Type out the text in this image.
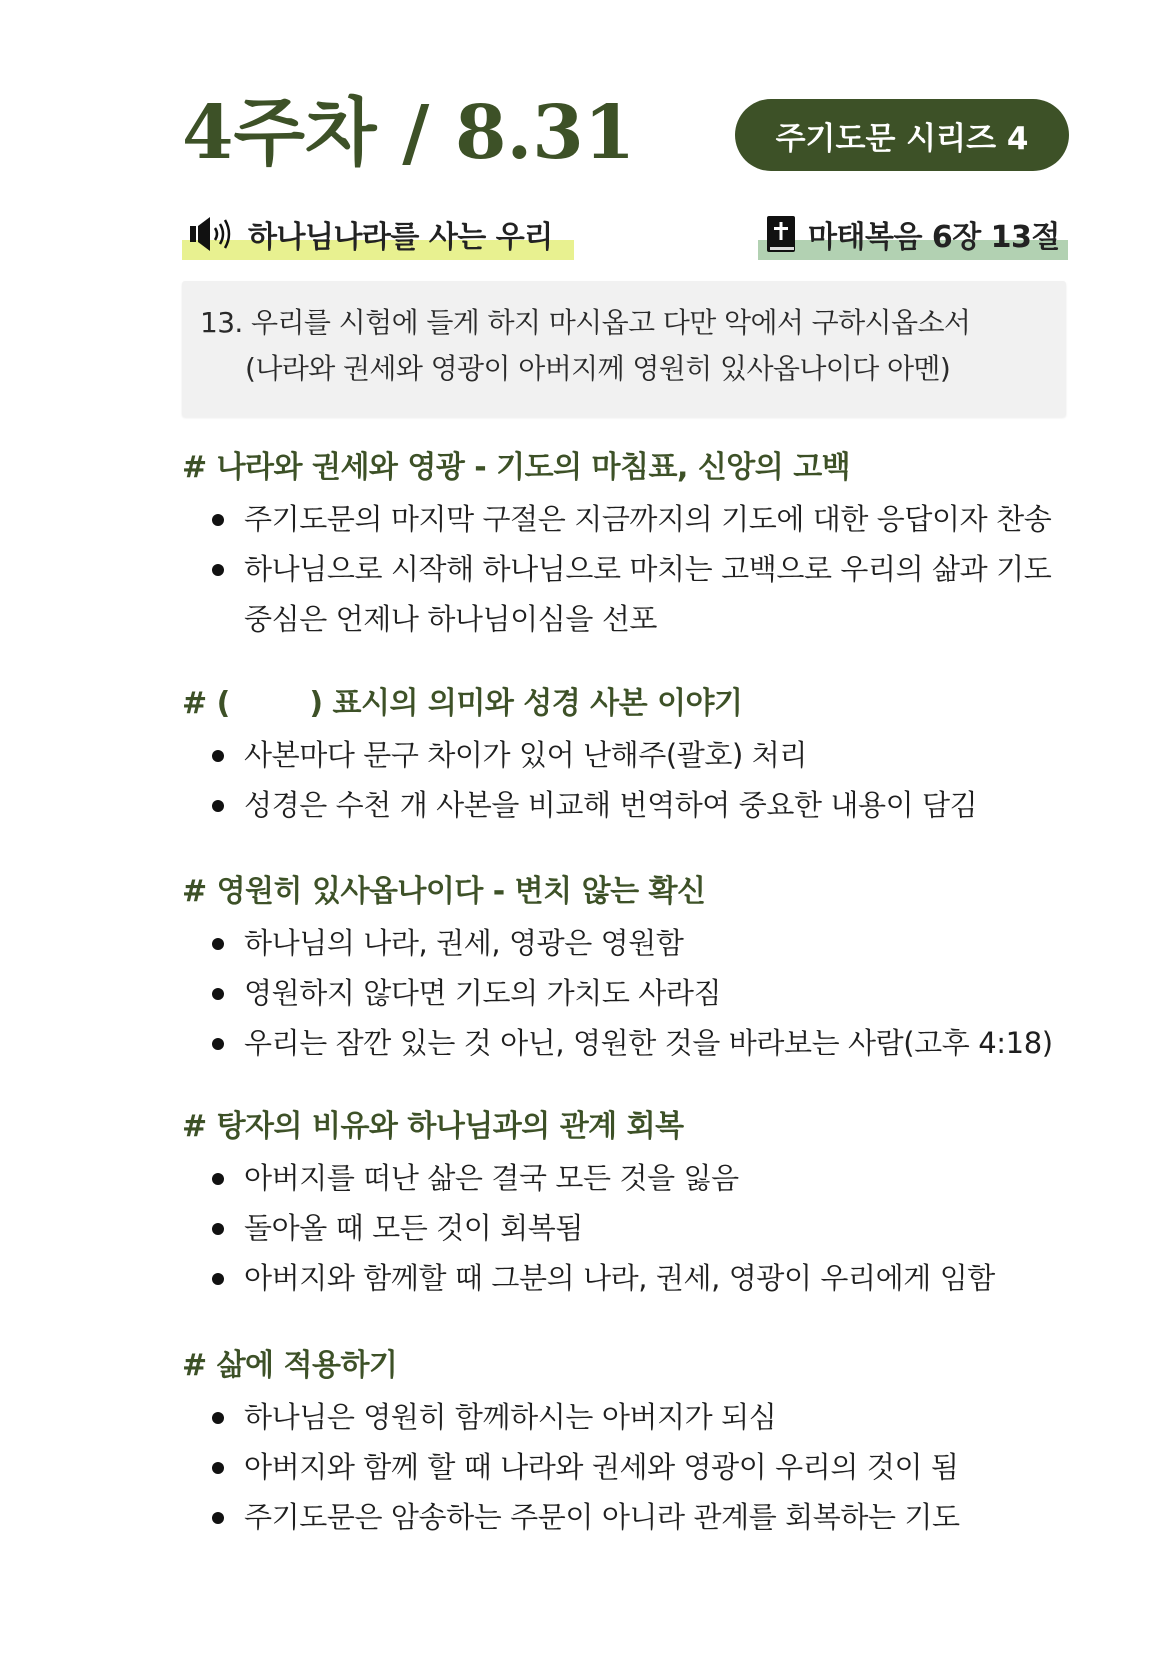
4주차 / 8.31	주기도문 시리즈 4
하나님나라를 사는 우리	마태복음 6장 13절
13. 우리를 시험에 들게 하지 마시옵고 다만 악에서 구하시옵소서
(나라와 권세와 영광이 아버지께 영원히 있사옵나이다 아멘)
# 나라와 권세와 영광 - 기도의 마침표, 신앙의 고백
주기도문의 마지막 구절은 지금까지의 기도에 대한 응답이자 찬송
하나님으로 시작해 하나님으로 마치는 고백으로 우리의 삶과 기도 중심은 언제나 하나님이심을 선포
# (        ) 표시의 의미와 성경 사본 이야기
사본마다 문구 차이가 있어 난해주(괄호) 처리
성경은 수천 개 사본을 비교해 번역하여 중요한 내용이 담김
# 영원히 있사옵나이다 - 변치 않는 확신
하나님의 나라, 권세, 영광은 영원함
영원하지 않다면 기도의 가치도 사라짐
우리는 잠깐 있는 것 아닌, 영원한 것을 바라보는 사람(고후 4:18)
# 탕자의 비유와 하나님과의 관계 회복
아버지를 떠난 삶은 결국 모든 것을 잃음
돌아올 때 모든 것이 회복됨
아버지와 함께할 때 그분의 나라, 권세, 영광이 우리에게 임함
# 삶에 적용하기
하나님은 영원히 함께하시는 아버지가 되심
아버지와 함께 할 때 나라와 권세와 영광이 우리의 것이 됨
주기도문은 암송하는 주문이 아니라 관계를 회복하는 기도
